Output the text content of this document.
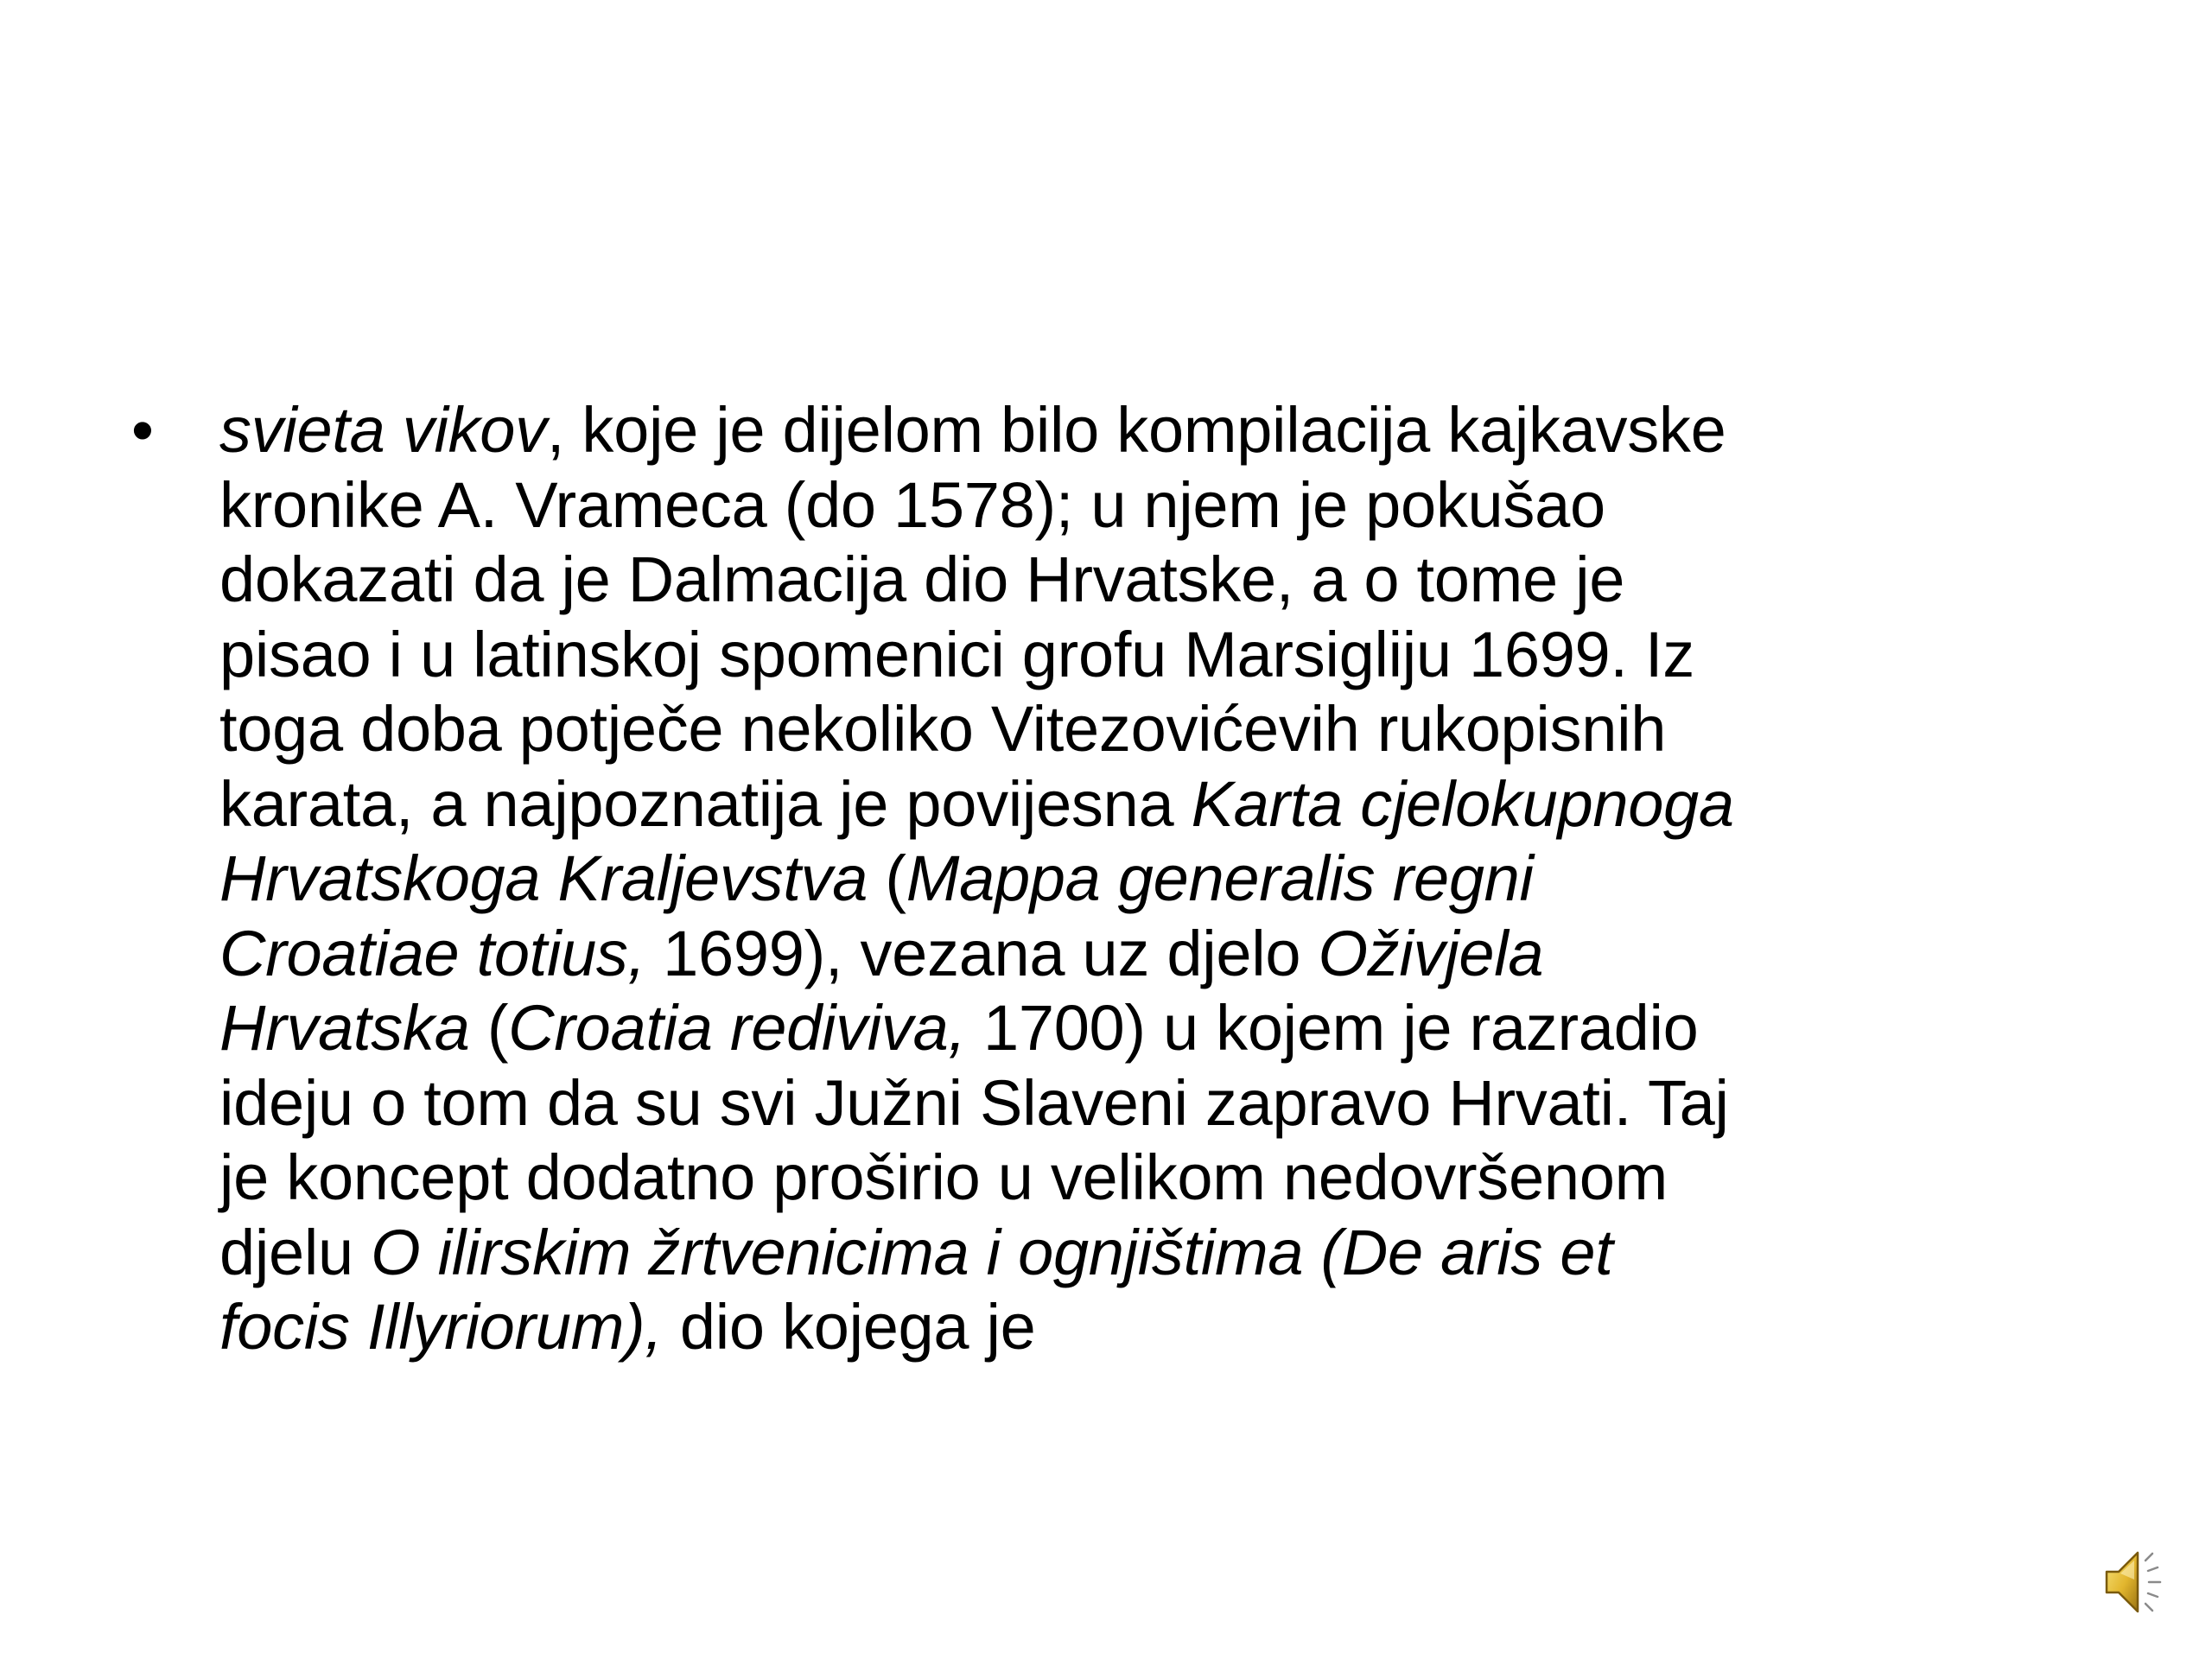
• svieta vikov, koje je dijelom bilo kompilacija kajkavske
kronike A. Vrameca (do 1578); u njem je pokušao
dokazati da je Dalmacija dio Hrvatske, a o tome je
pisao i u latinskoj spomenici grofu Marsigliju 1699. Iz
toga doba potječe nekoliko Vitezovićevih rukopisnih
karata, a najpoznatija je povijesna Karta cjelokupnoga
Hrvatskoga Kraljevstva (Mappa generalis regni
Croatiae totius, 1699), vezana uz djelo Oživjela
Hrvatska (Croatia rediviva, 1700) u kojem je razradio
ideju o tom da su svi Južni Slaveni zapravo Hrvati. Taj
je koncept dodatno proširio u velikom nedovršenom
djelu O ilirskim žrtvenicima i ognjištima (De aris et
focis Illyriorum), dio kojega je
